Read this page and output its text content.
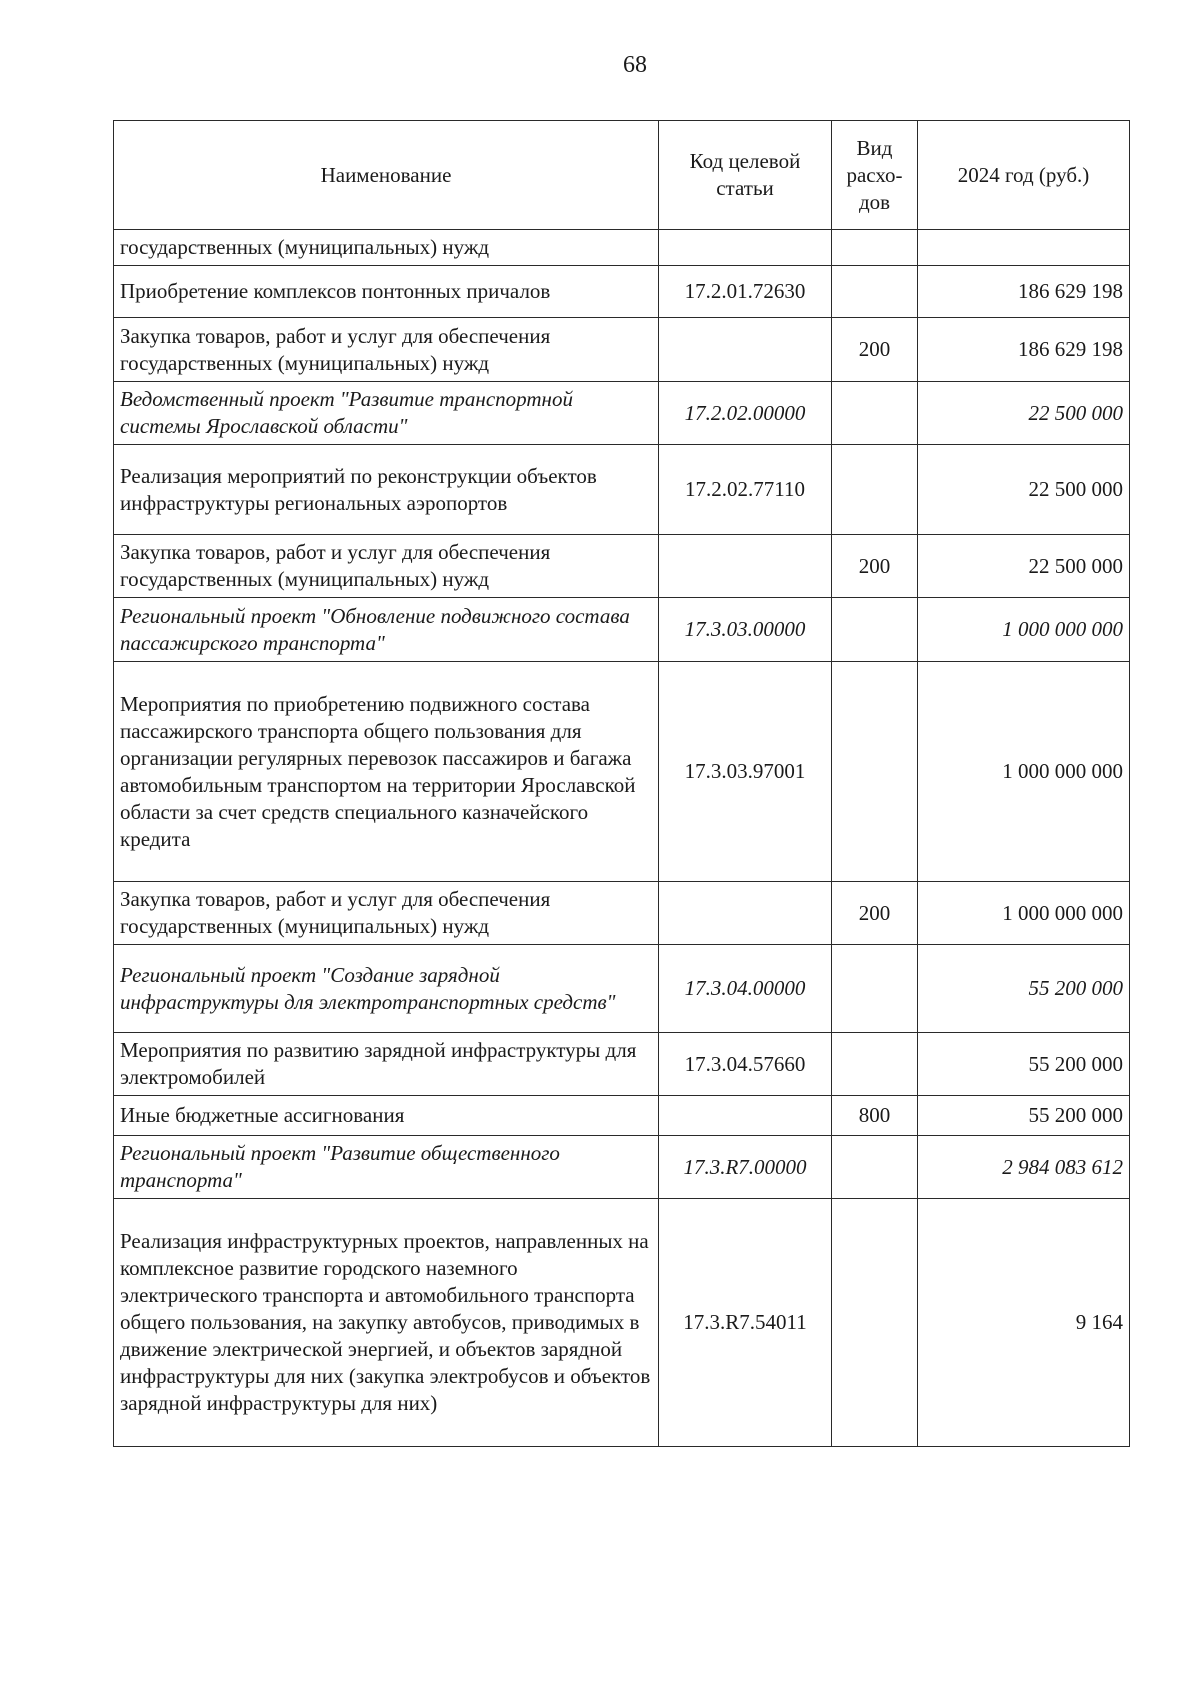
68
Наименование	Код целевой статьи	Вид расхо-дов	2024 год (руб.)
государственных (муниципальных) нужд			
Приобретение комплексов понтонных причалов	17.2.01.72630		186 629 198
Закупка товаров, работ и услуг для обеспечения государственных (муниципальных) нужд		200	186 629 198
Ведомственный проект "Развитие транспортной системы Ярославской области"	17.2.02.00000		22 500 000
Реализация мероприятий по реконструкции объектов инфраструктуры региональных аэропортов	17.2.02.77110		22 500 000
Закупка товаров, работ и услуг для обеспечения государственных (муниципальных) нужд		200	22 500 000
Региональный проект "Обновление подвижного состава пассажирского транспорта"	17.3.03.00000		1 000 000 000
Мероприятия по приобретению подвижного состава пассажирского транспорта общего пользования для организации регулярных перевозок пассажиров и багажа автомобильным транспортом на территории Ярославской области за счет средств специального казначейского кредита	17.3.03.97001		1 000 000 000
Закупка товаров, работ и услуг для обеспечения государственных (муниципальных) нужд		200	1 000 000 000
Региональный проект "Создание зарядной инфраструктуры для электротранспортных средств"	17.3.04.00000		55 200 000
Мероприятия по развитию зарядной инфраструктуры для электромобилей	17.3.04.57660		55 200 000
Иные бюджетные ассигнования		800	55 200 000
Региональный проект "Развитие общественного транспорта"	17.3.R7.00000		2 984 083 612
Реализация инфраструктурных проектов, направленных на комплексное развитие городского наземного электрического транспорта и автомобильного транспорта общего пользования, на закупку автобусов, приводимых в движение электрической энергией, и объектов зарядной инфраструктуры для них (закупка электробусов и объектов зарядной инфраструктуры для них)	17.3.R7.54011		9 164
